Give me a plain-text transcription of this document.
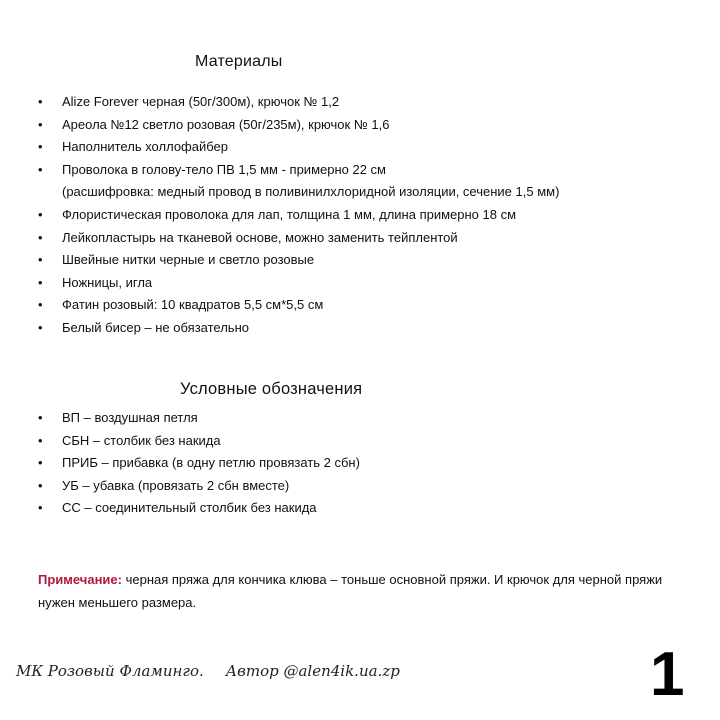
Материалы
• Alize Forever черная (50г/300м), крючок № 1,2
• Ареола №12 светло розовая (50г/235м), крючок № 1,6
• Наполнитель холлофайбер
• Проволока в голову-тело ПВ 1,5 мм - примерно 22 см
(расшифровка: медный провод в поливинилхлоридной изоляции, сечение 1,5 мм)
• Флористическая проволока для лап, толщина 1 мм, длина примерно 18 см
• Лейкопластырь на тканевой основе, можно заменить тейплентой
• Швейные нитки черные и светло розовые
• Ножницы, игла
• Фатин розовый: 10 квадратов 5,5 см*5,5 см
• Белый бисер – не обязательно
Условные обозначения
• ВП – воздушная петля
• СБН – столбик без накида
• ПРИБ – прибавка (в одну петлю провязать 2 сбн)
• УБ – убавка (провязать 2 сбн вместе)
• СС – соединительный столбик без накида
Примечание: черная пряжа для кончика клюва – тоньше основной пряжи. И крючок для черной пряжи нужен меньшего размера.
МК Розовый Фламинго. Автор @alen4ik.ua.zp	1
